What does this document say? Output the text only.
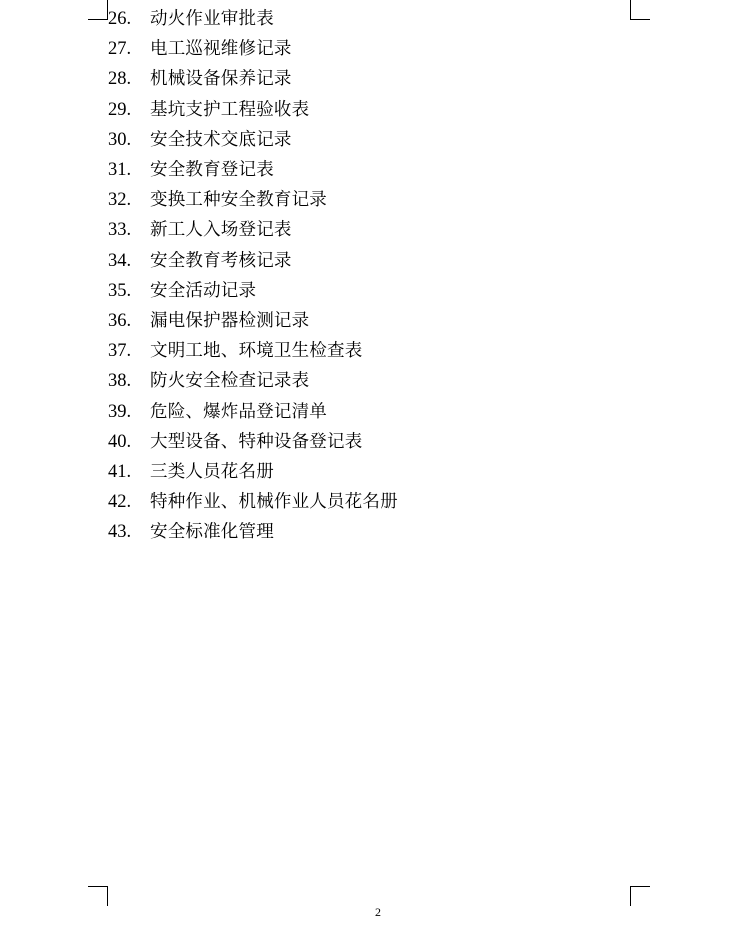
26.	动火作业审批表
27.	电工巡视维修记录
28.	机械设备保养记录
29.	基坑支护工程验收表
30.	安全技术交底记录
31.	安全教育登记表
32.	变换工种安全教育记录
33.	新工人入场登记表
34.	安全教育考核记录
35.	安全活动记录
36.	漏电保护器检测记录
37.	文明工地、环境卫生检查表
38.	防火安全检查记录表
39.	危险、爆炸品登记清单
40.	大型设备、特种设备登记表
41.	三类人员花名册
42.	特种作业、机械作业人员花名册
43.	安全标准化管理
2
